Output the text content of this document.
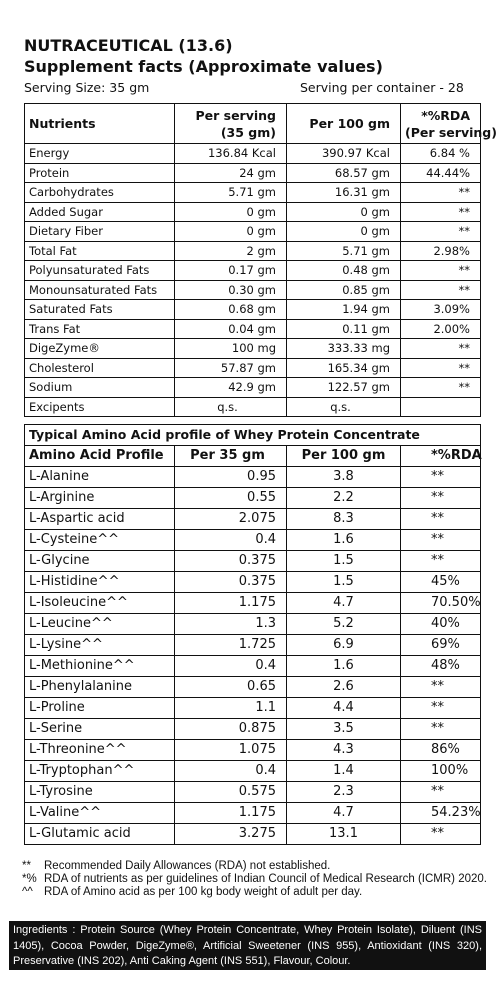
NUTRACEUTICAL (13.6)
Supplement facts (Approximate values)
Serving Size: 35 gm	Serving per container - 28
Nutrients	Per serving
(35 gm)	Per 100 gm	*%RDA
(Per serving)
Energy	136.84 Kcal	390.97 Kcal	6.84 %
Protein	24 gm	68.57 gm	44.44%
Carbohydrates	5.71 gm	16.31 gm	**
Added Sugar	0 gm	0 gm	**
Dietary Fiber	0 gm	0 gm	**
Total Fat	2 gm	5.71 gm	2.98%
Polyunsaturated Fats	0.17 gm	0.48 gm	**
Monounsaturated Fats	0.30 gm	0.85 gm	**
Saturated Fats	0.68 gm	1.94 gm	3.09%
Trans Fat	0.04 gm	0.11 gm	2.00%
DigeZyme®	100 mg	333.33 mg	**
Cholesterol	57.87 gm	165.34 gm	**
Sodium	42.9 gm	122.57 gm	**
Excipents	q.s.	q.s.	
Typical Amino Acid profile of Whey Protein Concentrate			
Amino Acid Profile	Per 35 gm	Per 100 gm	*%RDA
L-Alanine	0.95	3.8	**
L-Arginine	0.55	2.2	**
L-Aspartic acid	2.075	8.3	**
L-Cysteine^^	0.4	1.6	**
L-Glycine	0.375	1.5	**
L-Histidine^^	0.375	1.5	45%
L-Isoleucine^^	1.175	4.7	70.50%
L-Leucine^^	1.3	5.2	40%
L-Lysine^^	1.725	6.9	69%
L-Methionine^^	0.4	1.6	48%
L-Phenylalanine	0.65	2.6	**
L-Proline	1.1	4.4	**
L-Serine	0.875	3.5	**
L-Threonine^^	1.075	4.3	86%
L-Tryptophan^^	0.4	1.4	100%
L-Tyrosine	0.575	2.3	**
L-Valine^^	1.175	4.7	54.23%
L-Glutamic acid	3.275	13.1	**
** Recommended Daily Allowances (RDA) not established.
*% RDA of nutrients as per guidelines of Indian Council of Medical Research (ICMR) 2020.
^^ RDA of Amino acid as per 100 kg body weight of adult per day.
Ingredients : Protein Source (Whey Protein Concentrate, Whey Protein Isolate), Diluent (INS 1405), Cocoa Powder, DigeZyme®, Artificial Sweetener (INS 955), Antioxidant (INS 320), Preservative (INS 202), Anti Caking Agent (INS 551), Flavour, Colour.
